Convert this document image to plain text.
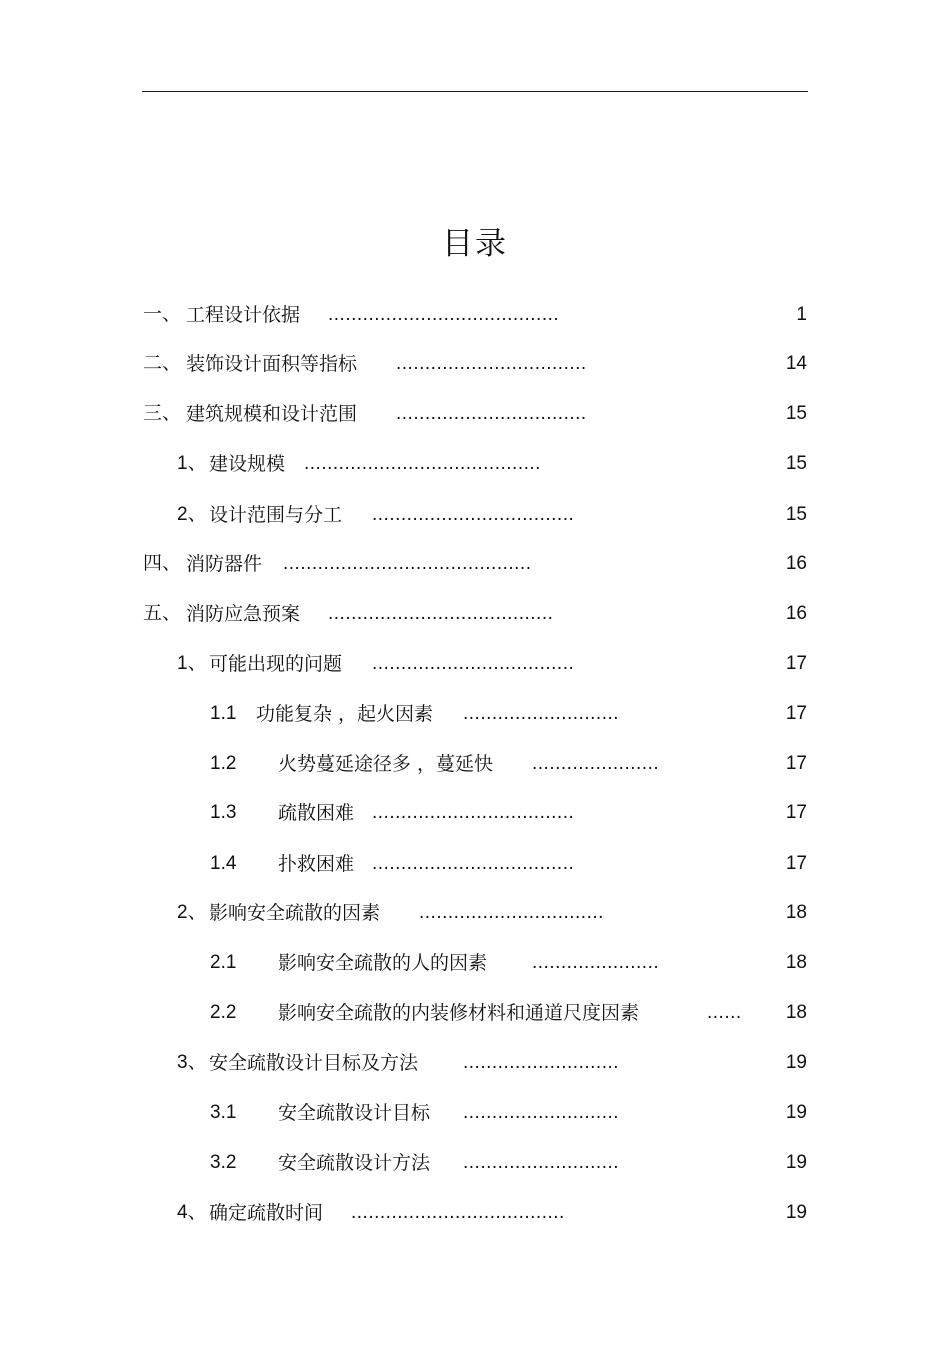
目录
一、 工程设计依据 ........................................	1
二、 装饰设计面积等指标 .................................	14
三、 建筑规模和设计范围 .................................	15
1、 建设规模 .........................................	15
2、 设计范围与分工 ...................................	15
四、 消防器件 ...........................................	16
五、 消防应急预案 .......................................	16
1、 可能出现的问题 ...................................	17
1.1 功能复杂 ，起火因素 ...........................	17
1.2 火势蔓延途径多 ，蔓延快 ......................	17
1.3 疏散困难 ...................................	17
1.4 扑救困难 ...................................	17
2、 影响安全疏散的因素 ................................	18
2.1 影响安全疏散的人的因素 ......................	18
2.2 影响安全疏散的内装修材料和通道尺度因素	...... 18
3、 安全疏散设计目标及方法 ...........................	19
3.1 安全疏散设计目标 ...........................	19
3.2 安全疏散设计方法 ...........................	19
4、 确定疏散时间 .....................................	19
